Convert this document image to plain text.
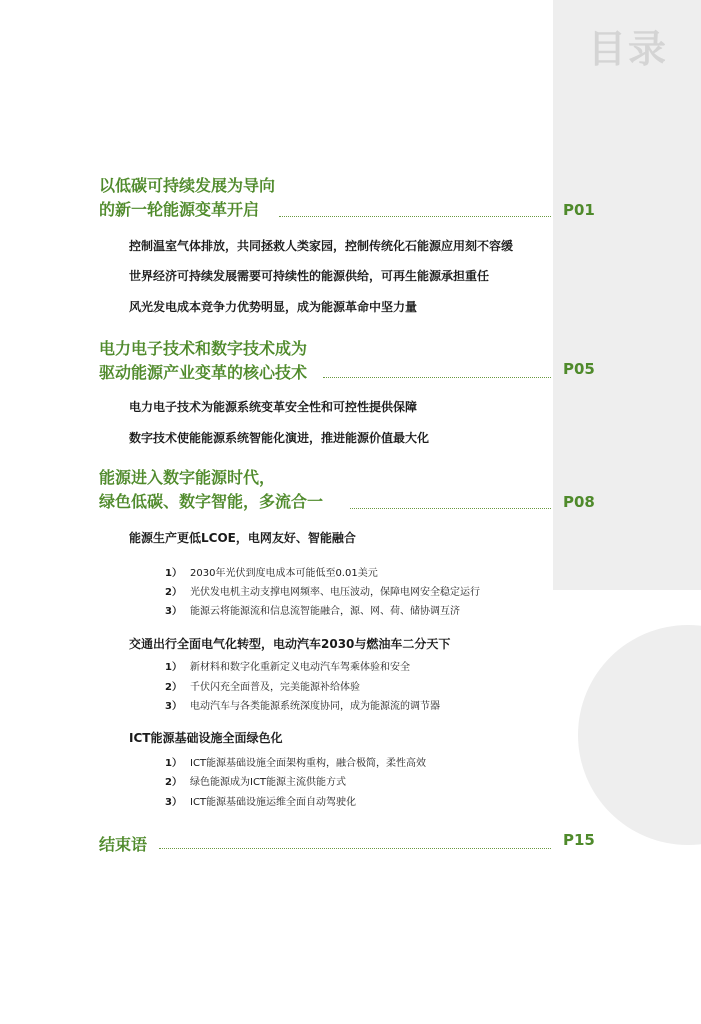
目录
以低碳可持续发展为导向
的新一轮能源变革开启	P01
控制温室气体排放，共同拯救人类家园，控制传统化石能源应用刻不容缓
世界经济可持续发展需要可持续性的能源供给，可再生能源承担重任
风光发电成本竞争力优势明显，成为能源革命中坚力量
电力电子技术和数字技术成为
驱动能源产业变革的核心技术	P05
电力电子技术为能源系统变革安全性和可控性提供保障
数字技术使能能源系统智能化演进，推进能源价值最大化
能源进入数字能源时代，
绿色低碳、数字智能，多流合一	P08
能源生产更低LCOE，电网友好、智能融合
1） 2030年光伏到度电成本可能低至0.01美元
2） 光伏发电机主动支撑电网频率、电压波动，保障电网安全稳定运行
3） 能源云将能源流和信息流智能融合，源、网、荷、储协调互济
交通出行全面电气化转型，电动汽车2030与燃油车二分天下
1） 新材料和数字化重新定义电动汽车驾乘体验和安全
2） 千伏闪充全面普及，完美能源补给体验
3） 电动汽车与各类能源系统深度协同，成为能源流的调节器
ICT能源基础设施全面绿色化
1） ICT能源基础设施全面架构重构，融合极简，柔性高效
2） 绿色能源成为ICT能源主流供能方式
3） ICT能源基础设施运维全面自动驾驶化
结束语	P15
